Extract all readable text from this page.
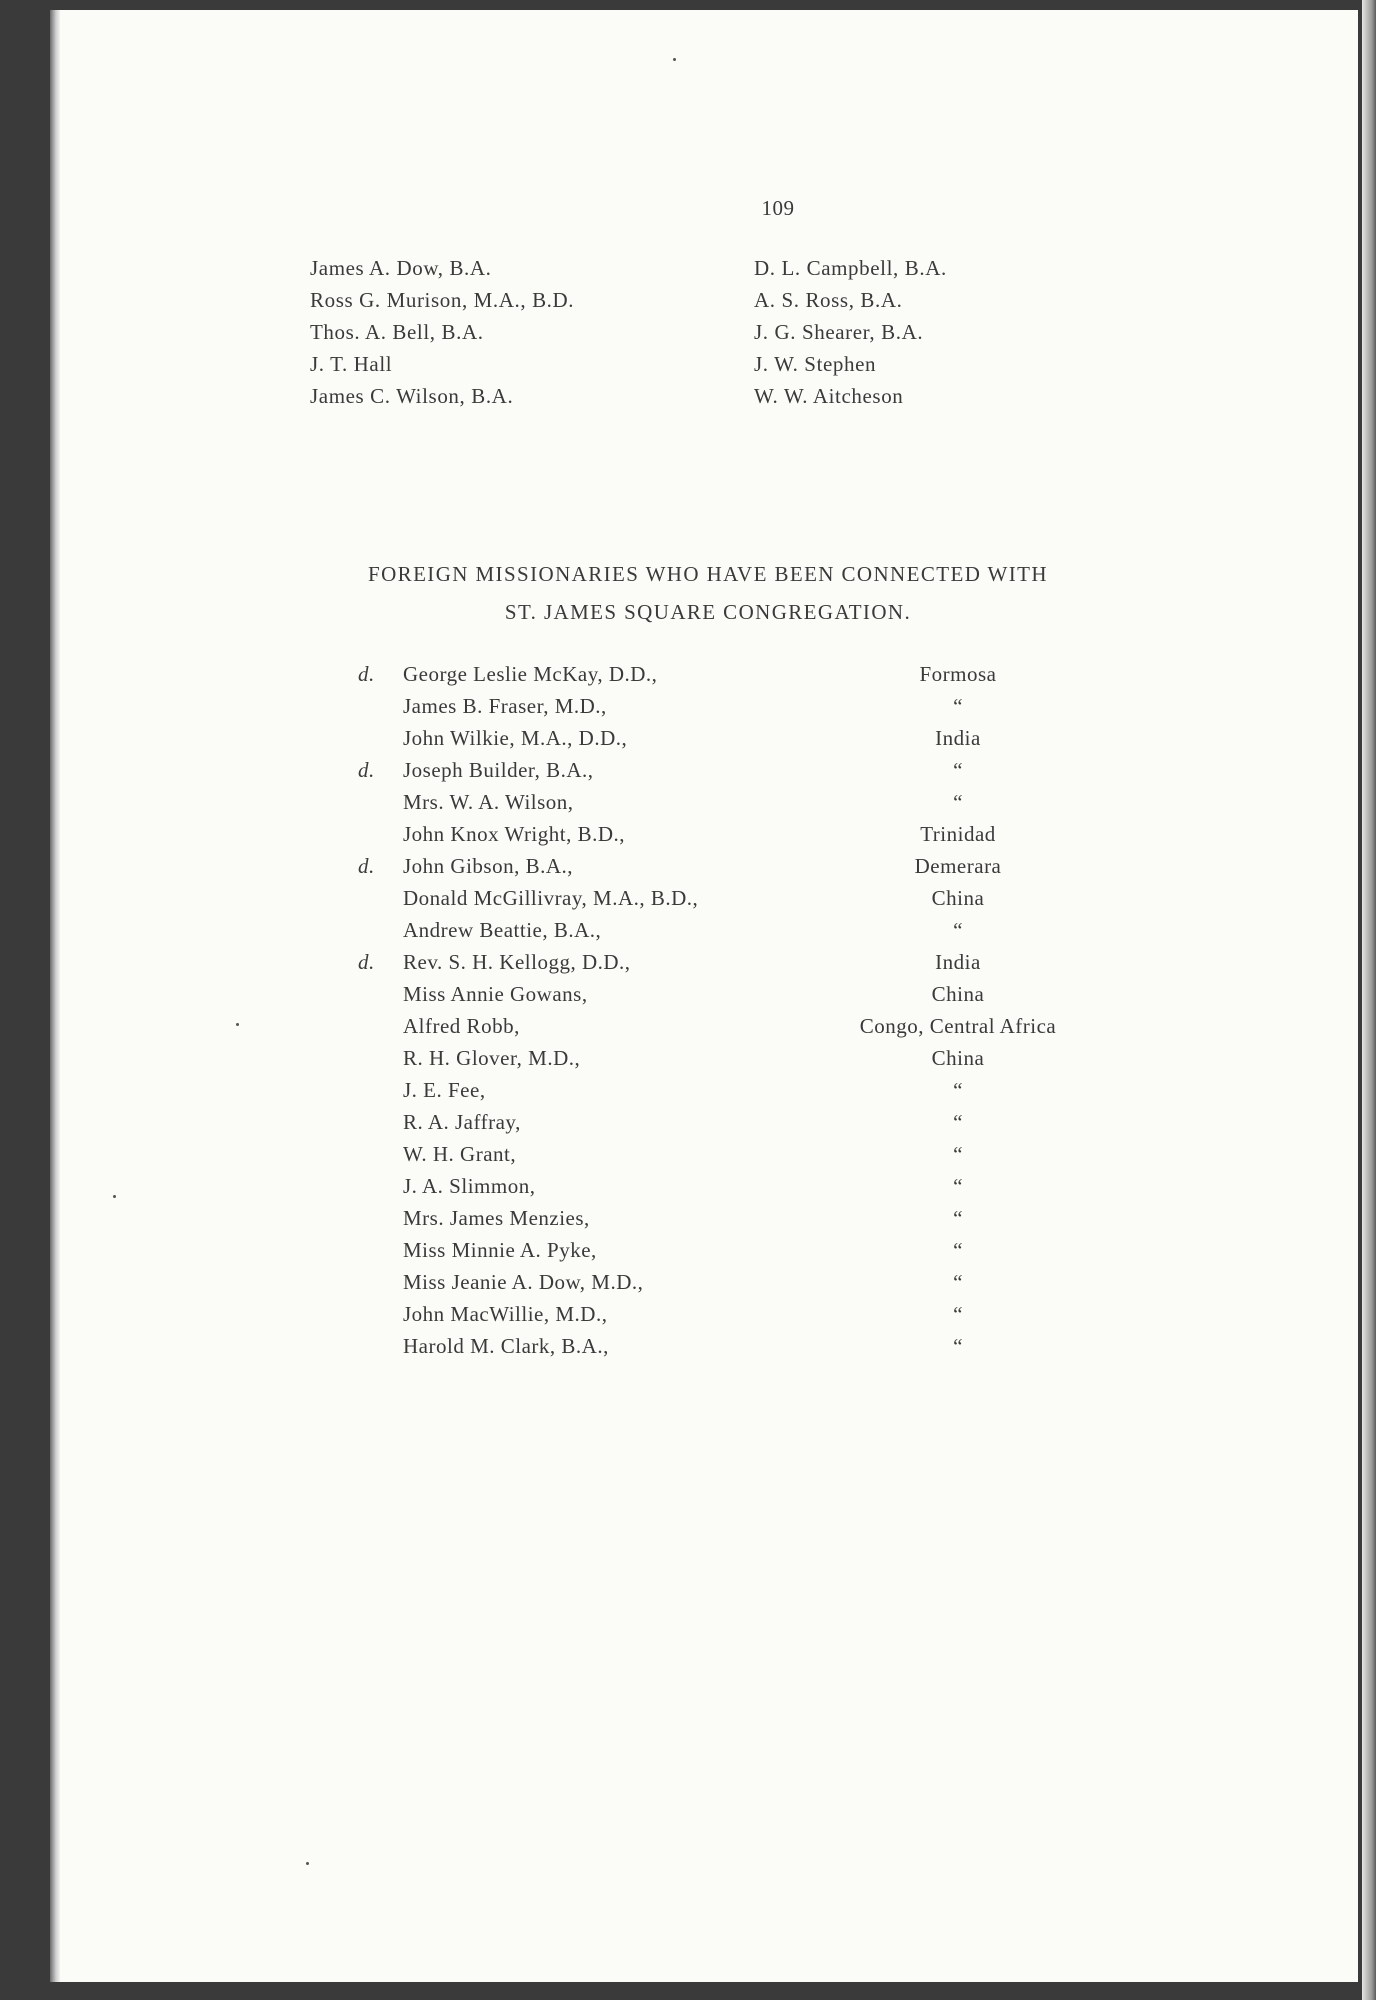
109
James A. Dow, B.A.
Ross G. Murison, M.A., B.D.
Thos. A. Bell, B.A.
J. T. Hall
James C. Wilson, B.A.
D. L. Campbell, B.A.
A. S. Ross, B.A.
J. G. Shearer, B.A.
J. W. Stephen
W. W. Aitcheson
FOREIGN MISSIONARIES WHO HAVE BEEN CONNECTED WITH
ST. JAMES SQUARE CONGREGATION.
d.	George Leslie McKay, D.D.,	Formosa
James B. Fraser, M.D.,	“
John Wilkie, M.A., D.D.,	India
d.	Joseph Builder, B.A.,	“
Mrs. W. A. Wilson,	“
John Knox Wright, B.D.,	Trinidad
d.	John Gibson, B.A.,	Demerara
Donald McGillivray, M.A., B.D.,	China
Andrew Beattie, B.A.,	“
d.	Rev. S. H. Kellogg, D.D.,	India
Miss Annie Gowans,	China
Alfred Robb,	Congo, Central Africa
R. H. Glover, M.D.,	China
J. E. Fee,	“
R. A. Jaffray,	“
W. H. Grant,	“
J. A. Slimmon,	“
Mrs. James Menzies,	“
Miss Minnie A. Pyke,	“
Miss Jeanie A. Dow, M.D.,	“
John MacWillie, M.D.,	“
Harold M. Clark, B.A.,	“
